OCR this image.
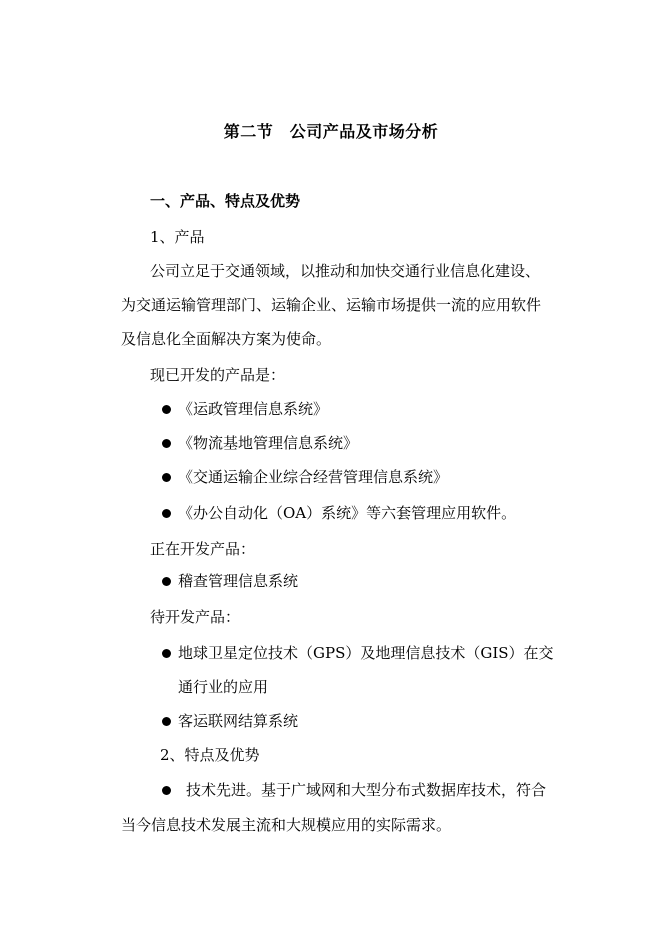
第二节　公司产品及市场分析
一、产品、特点及优势
1、产品
公司立足于交通领域，以推动和加快交通行业信息化建设、
为交通运输管理部门、运输企业、运输市场提供一流的应用软件
及信息化全面解决方案为使命。
现已开发的产品是：
《运政管理信息系统》
《物流基地管理信息系统》
《交通运输企业综合经营管理信息系统》
《办公自动化（OA）系统》等六套管理应用软件。
正在开发产品：
稽查管理信息系统
待开发产品：
地球卫星定位技术（GPS）及地理信息技术（GIS）在交
通行业的应用
客运联网结算系统
2、特点及优势
技术先进。基于广域网和大型分布式数据库技术，符合
当今信息技术发展主流和大规模应用的实际需求。
